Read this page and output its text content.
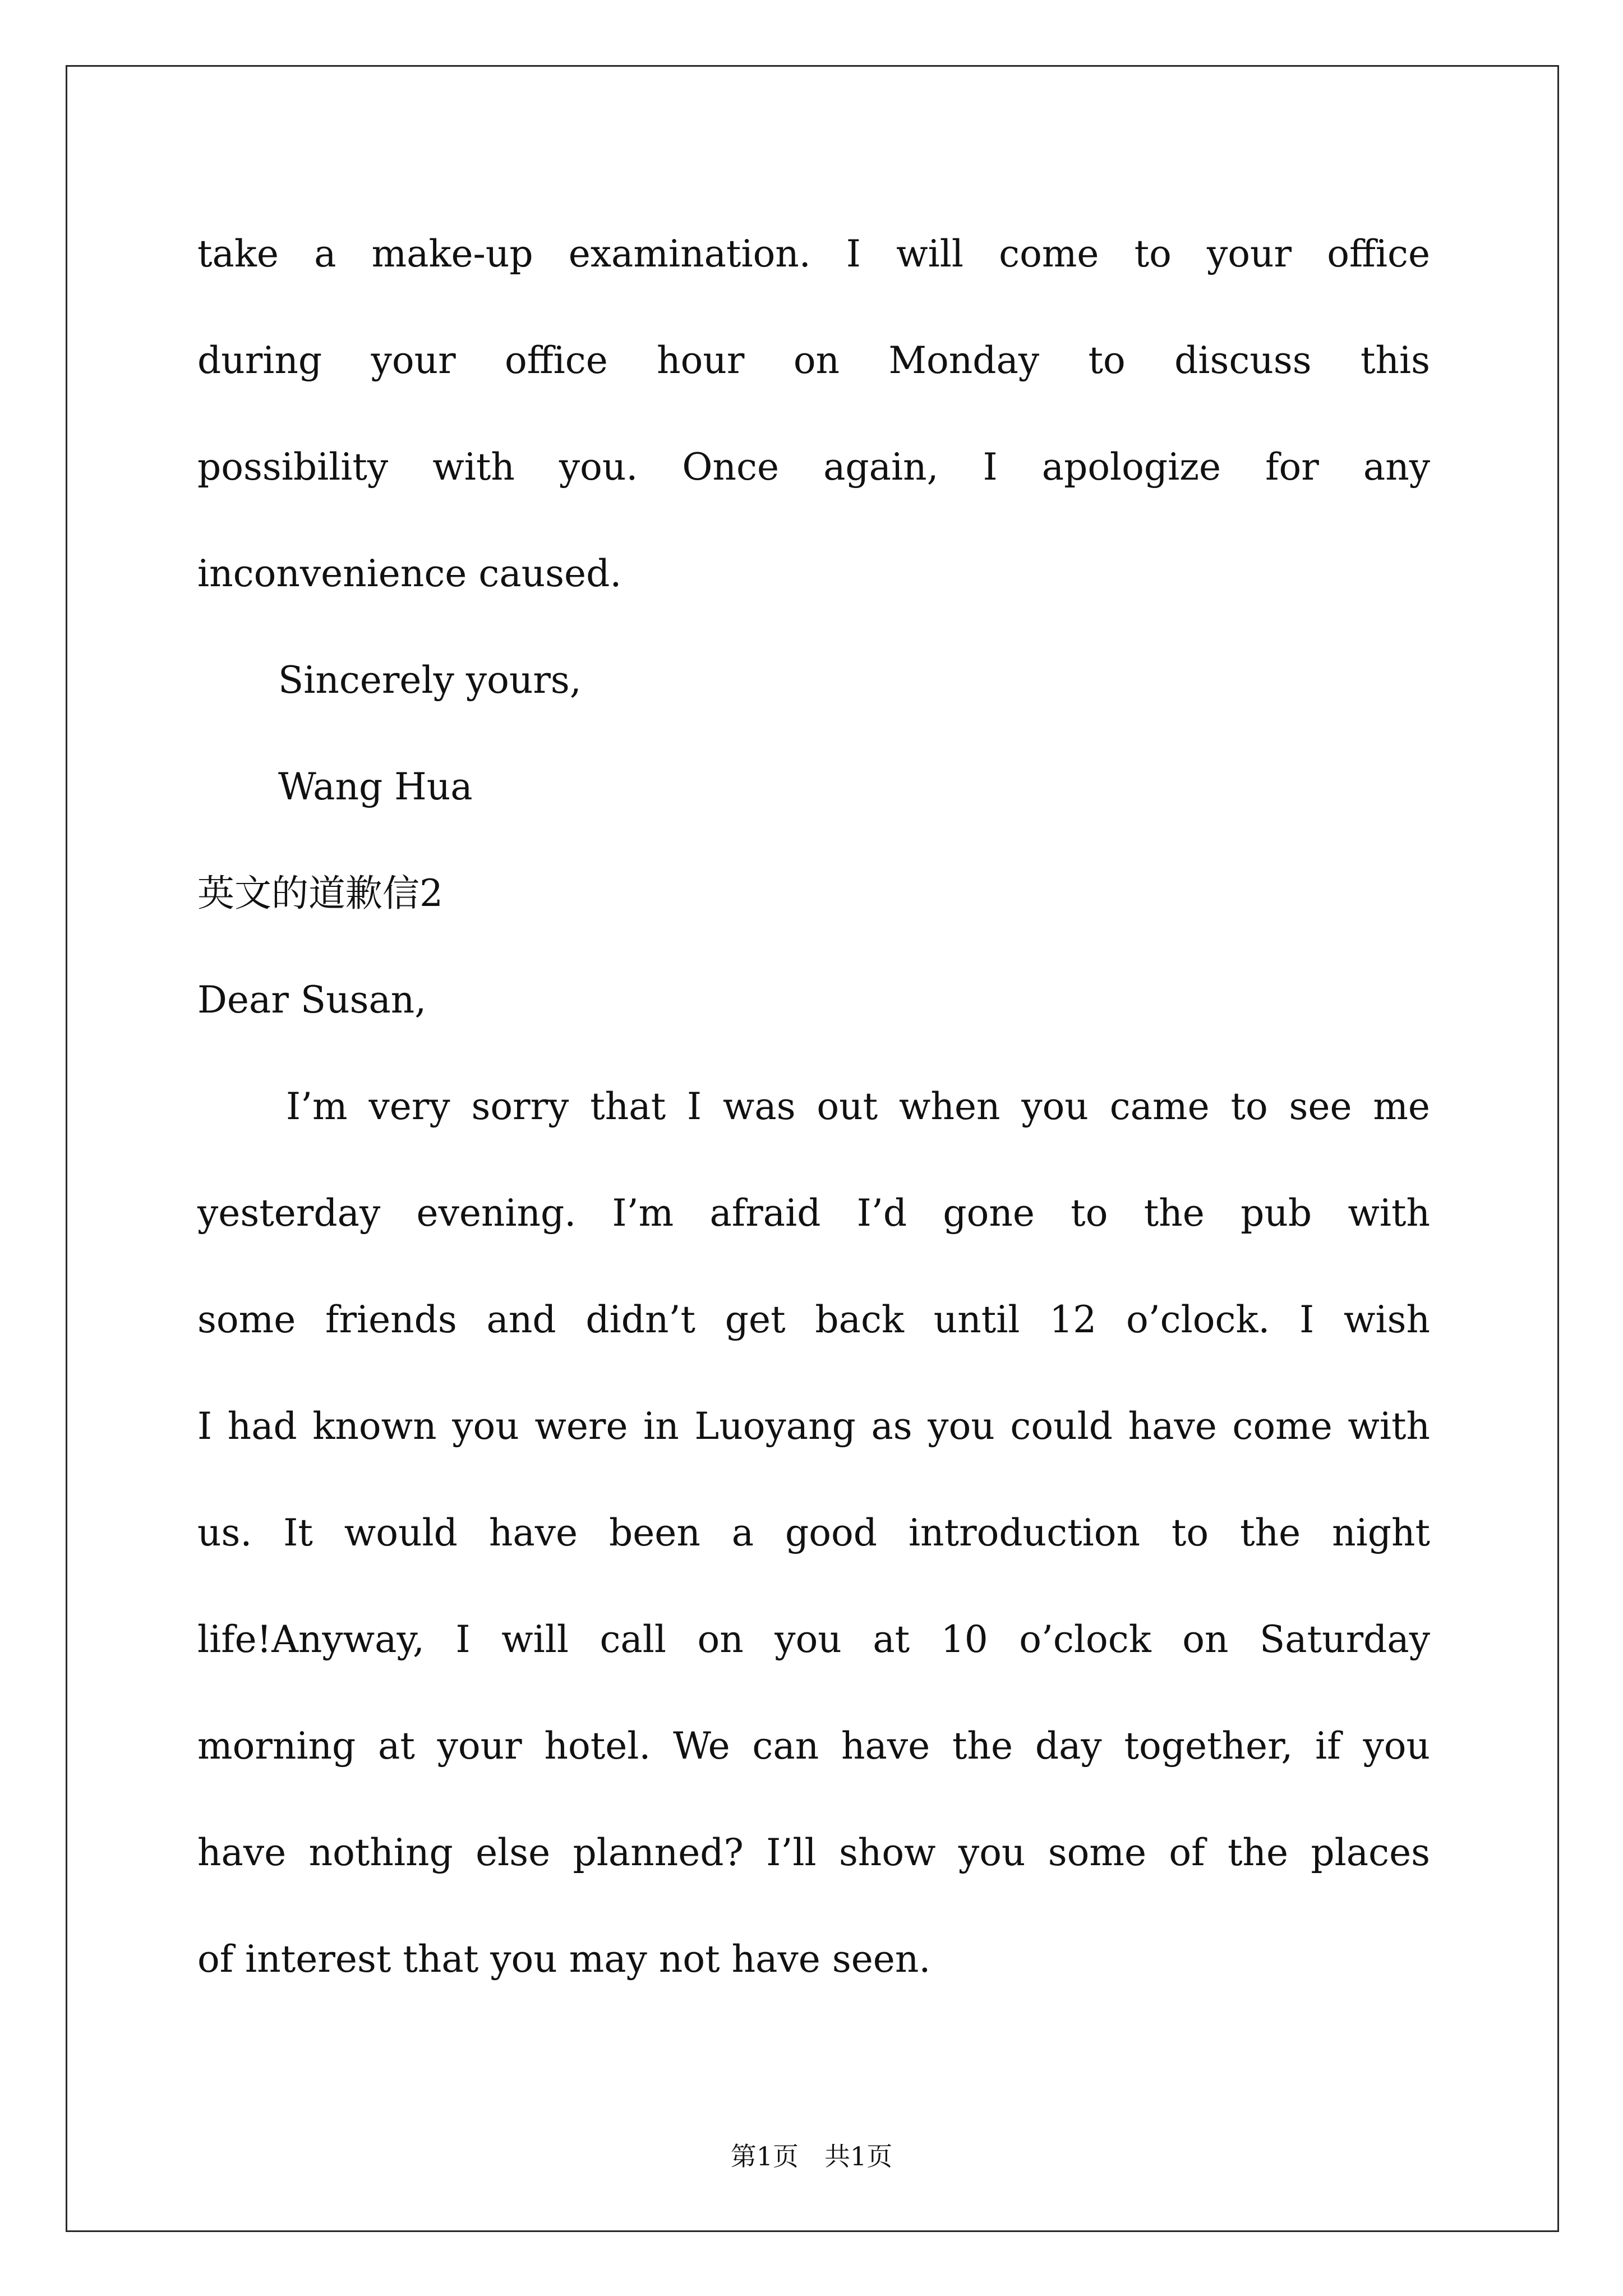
take a make-up examination. I will come to your office
during your office hour on Monday to discuss this
possibility with you. Once again, I apologize for any
inconvenience caused.
Sincerely yours,
Wang Hua
英文的道歉信2
Dear Susan,
I’m very sorry that I was out when you came to see me
yesterday evening. I’m afraid I’d gone to the pub with
some friends and didn’t get back until 12 o’clock. I wish
I had known you were in Luoyang as you could have come with
us. It would have been a good introduction to the night
life!Anyway, I will call on you at 10 o’clock on Saturday
morning at your hotel. We can have the day together, if you
have nothing else planned? I’ll show you some of the places
of interest that you may not have seen.
第1页　共1页
